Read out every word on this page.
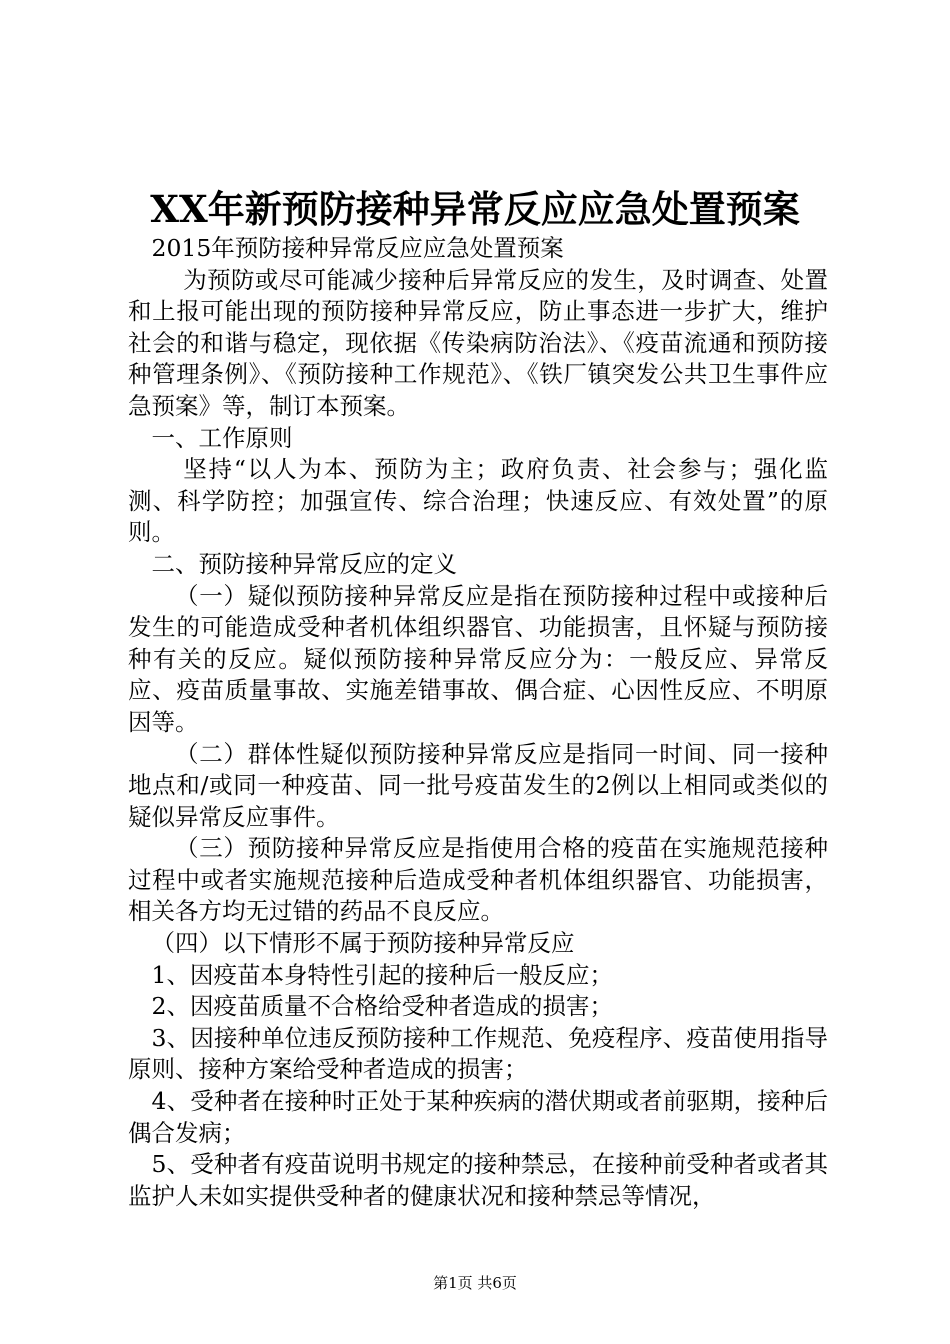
XX年新预防接种异常反应应急处置预案

2015年预防接种异常反应应急处置预案

为预防或尽可能减少接种后异常反应的发生，及时调查、处置和上报可能出现的预防接种异常反应，防止事态进一步扩大，维护社会的和谐与稳定，现依据《传染病防治法》、《疫苗流通和预防接种管理条例》、《预防接种工作规范》、《铁厂镇突发公共卫生事件应急预案》等，制订本预案。

一、工作原则

坚持“以人为本、预防为主；政府负责、社会参与；强化监测、科学防控；加强宣传、综合治理；快速反应、有效处置”的原则。

二、预防接种异常反应的定义

（一）疑似预防接种异常反应是指在预防接种过程中或接种后发生的可能造成受种者机体组织器官、功能损害，且怀疑与预防接种有关的反应。疑似预防接种异常反应分为：一般反应、异常反应、疫苗质量事故、实施差错事故、偶合症、心因性反应、不明原因等。

（二）群体性疑似预防接种异常反应是指同一时间、同一接种地点和/或同一种疫苗、同一批号疫苗发生的2例以上相同或类似的疑似异常反应事件。

（三）预防接种异常反应是指使用合格的疫苗在实施规范接种过程中或者实施规范接种后造成受种者机体组织器官、功能损害，相关各方均无过错的药品不良反应。

（四）以下情形不属于预防接种异常反应

1、因疫苗本身特性引起的接种后一般反应；

2、因疫苗质量不合格给受种者造成的损害；

3、因接种单位违反预防接种工作规范、免疫程序、疫苗使用指导原则、接种方案给受种者造成的损害；

4、受种者在接种时正处于某种疾病的潜伏期或者前驱期，接种后偶合发病；

5、受种者有疫苗说明书规定的接种禁忌，在接种前受种者或者其监护人未如实提供受种者的健康状况和接种禁忌等情况，

第1页 共6页
